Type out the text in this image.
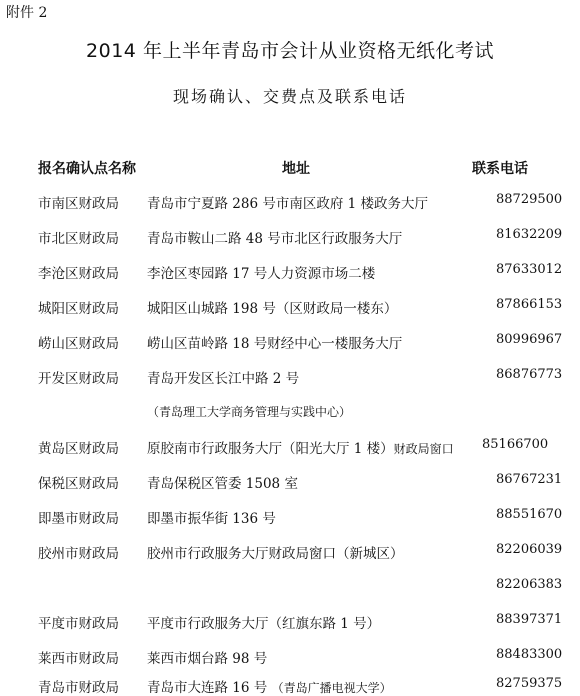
附件 2
2014 年上半年青岛市会计从业资格无纸化考试
现场确认、交费点及联系电话
报名确认点名称	地址	联系电话
市南区财政局 青岛市宁夏路 286 号市南区政府 1 楼政务大厅	88729500
市北区财政局 青岛市鞍山二路 48 号市北区行政服务大厅	81632209
李沧区财政局 李沧区枣园路 17 号人力资源市场二楼	87633012
城阳区财政局 城阳区山城路 198 号（区财政局一楼东）	87866153
崂山区财政局 崂山区苗岭路 18 号财经中心一楼服务大厅	80996967
开发区财政局 青岛开发区长江中路 2 号	86876773
（青岛理工大学商务管理与实践中心）
黄岛区财政局 原胶南市行政服务大厅（阳光大厅 1 楼）财政局窗口 85166700
保税区财政局 青岛保税区管委 1508 室	86767231
即墨市财政局 即墨市振华街 136 号	88551670
胶州市财政局 胶州市行政服务大厅财政局窗口（新城区）	82206039
82206383
平度市财政局 平度市行政服务大厅（红旗东路 1 号）	88397371
莱西市财政局 莱西市烟台路 98 号	88483300
青岛市财政局 青岛市大连路 16 号 （青岛广播电视大学）	82759375
